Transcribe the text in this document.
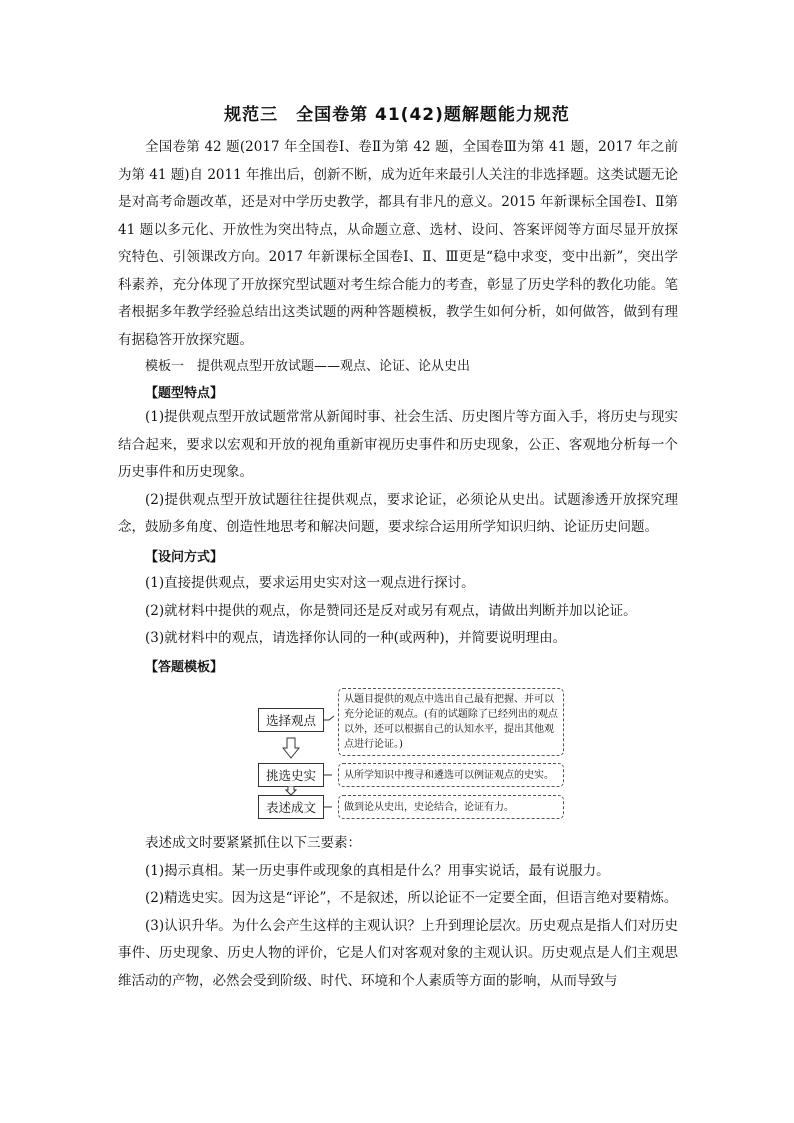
规范三　全国卷第 41(42)题解题能力规范

全国卷第 42 题(2017 年全国卷Ⅰ、卷Ⅱ为第 42 题，全国卷Ⅲ为第 41 题，2017 年之前为第 41 题)自 2011 年推出后，创新不断，成为近年来最引人关注的非选择题。这类试题无论是对高考命题改革，还是对中学历史教学，都具有非凡的意义。2015 年新课标全国卷Ⅰ、Ⅱ第 41 题以多元化、开放性为突出特点，从命题立意、选材、设问、答案评阅等方面尽显开放探究特色、引领课改方向。2017 年新课标全国卷Ⅰ、Ⅱ、Ⅲ更是“稳中求变，变中出新”，突出学科素养，充分体现了开放探究型试题对考生综合能力的考查，彰显了历史学科的教化功能。笔者根据多年教学经验总结出这类试题的两种答题模板，教学生如何分析，如何做答，做到有理有据稳答开放探究题。

模板一　提供观点型开放试题——观点、论证、论从史出
【题型特点】

(1)提供观点型开放试题常常从新闻时事、社会生活、历史图片等方面入手，将历史与现实结合起来，要求以宏观和开放的视角重新审视历史事件和历史现象，公正、客观地分析每一个历史事件和历史现象。

(2)提供观点型开放试题往往提供观点，要求论证，必须论从史出。试题渗透开放探究理念，鼓励多角度、创造性地思考和解决问题，要求综合运用所学知识归纳、论证历史问题。

【设问方式】

(1)直接提供观点，要求运用史实对这一观点进行探讨。

(2)就材料中提供的观点，你是赞同还是反对或另有观点，请做出判断并加以论证。

(3)就材料中的观点，请选择你认同的一种(或两种)，并简要说明理由。

【答题模板】
选择观点
挑选史实
表述成文
从题目提供的观点中选出自己最有把握、并可以充分论证的观点。(有的试题除了已经列出的观点以外，还可以根据自己的认知水平，提出其他观点进行论证。)
从所学知识中搜寻和遴选可以例证观点的史实。
做到论从史出，史论结合，论证有力。

表述成文时要紧紧抓住以下三要素：

(1)揭示真相。某一历史事件或现象的真相是什么？用事实说话，最有说服力。

(2)精选史实。因为这是“评论”，不是叙述，所以论证不一定要全面，但语言绝对要精炼。

(3)认识升华。为什么会产生这样的主观认识？上升到理论层次。历史观点是指人们对历史事件、历史现象、历史人物的评价，它是人们对客观对象的主观认识。历史观点是人们主观思维活动的产物，必然会受到阶级、时代、环境和个人素质等方面的影响，从而导致与
